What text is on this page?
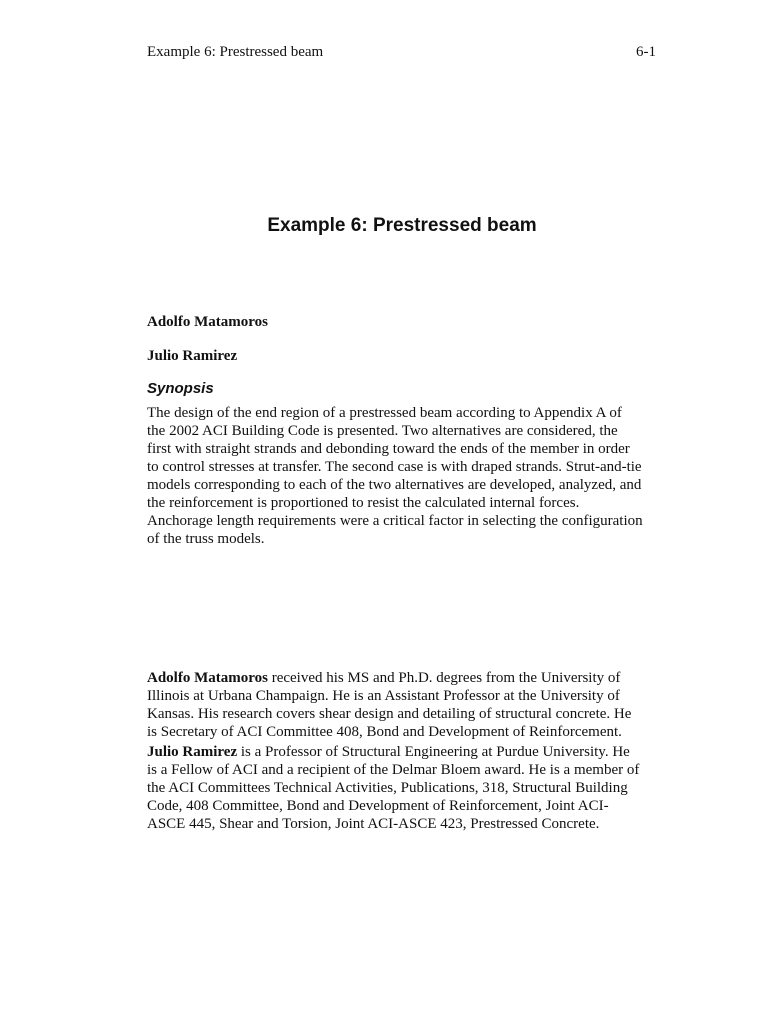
Example 6: Prestressed beam	6-1
Example 6: Prestressed beam

Adolfo Matamoros

Julio Ramirez

Synopsis

The design of the end region of a prestressed beam according to Appendix A of
the 2002 ACI Building Code is presented. Two alternatives are considered, the
first with straight strands and debonding toward the ends of the member in order
to control stresses at transfer. The second case is with draped strands. Strut-and-tie
models corresponding to each of the two alternatives are developed, analyzed, and
the reinforcement is proportioned to resist the calculated internal forces.
Anchorage length requirements were a critical factor in selecting the configuration
of the truss models.

Adolfo Matamoros received his MS and Ph.D. degrees from the University of
Illinois at Urbana Champaign. He is an Assistant Professor at the University of
Kansas. His research covers shear design and detailing of structural concrete. He
is Secretary of ACI Committee 408, Bond and Development of Reinforcement.

Julio Ramirez is a Professor of Structural Engineering at Purdue University. He
is a Fellow of ACI and a recipient of the Delmar Bloem award. He is a member of
the ACI Committees Technical Activities, Publications, 318, Structural Building
Code, 408 Committee, Bond and Development of Reinforcement, Joint ACI-
ASCE 445, Shear and Torsion, Joint ACI-ASCE 423, Prestressed Concrete.
